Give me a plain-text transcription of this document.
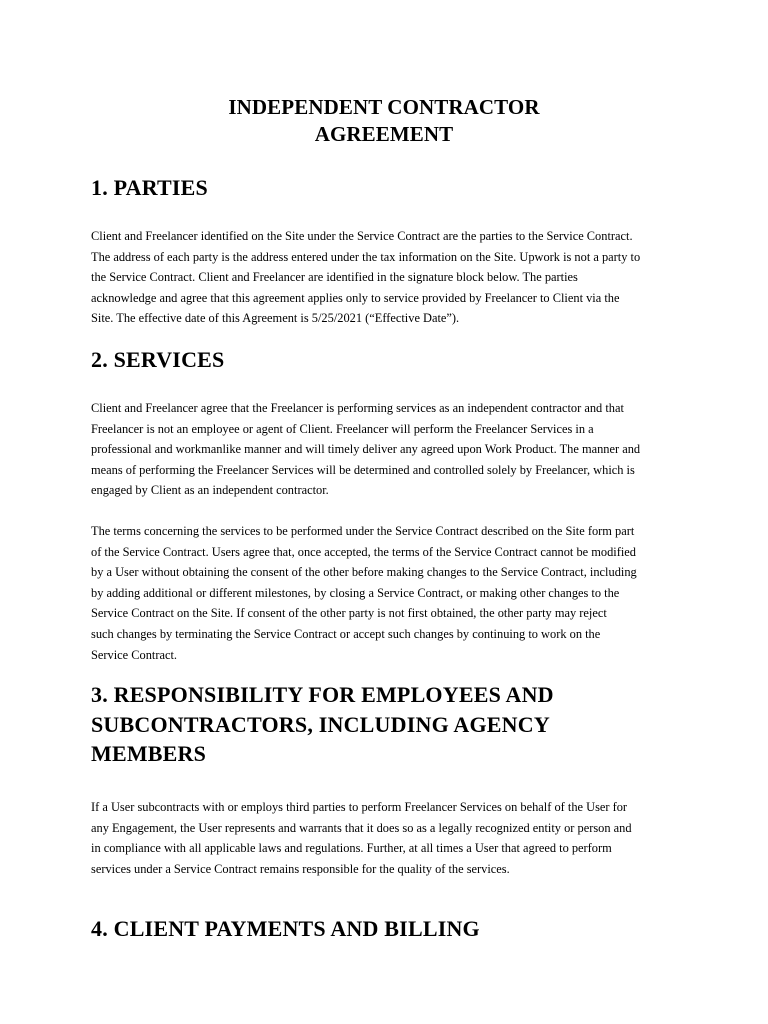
INDEPENDENT CONTRACTOR
AGREEMENT
1. PARTIES
Client and Freelancer identified on the Site under the Service Contract are the parties to the Service Contract.
The address of each party is the address entered under the tax information on the Site. Upwork is not a party to
the Service Contract. Client and Freelancer are identified in the signature block below. The parties
acknowledge and agree that this agreement applies only to service provided by Freelancer to Client via the
Site. The effective date of this Agreement is 5/25/2021 (“Effective Date”).
2. SERVICES
Client and Freelancer agree that the Freelancer is performing services as an independent contractor and that
Freelancer is not an employee or agent of Client. Freelancer will perform the Freelancer Services in a
professional and workmanlike manner and will timely deliver any agreed upon Work Product. The manner and
means of performing the Freelancer Services will be determined and controlled solely by Freelancer, which is
engaged by Client as an independent contractor.
The terms concerning the services to be performed under the Service Contract described on the Site form part
of the Service Contract. Users agree that, once accepted, the terms of the Service Contract cannot be modified
by a User without obtaining the consent of the other before making changes to the Service Contract, including
by adding additional or different milestones, by closing a Service Contract, or making other changes to the
Service Contract on the Site. If consent of the other party is not first obtained, the other party may reject
such changes by terminating the Service Contract or accept such changes by continuing to work on the
Service Contract.
3. RESPONSIBILITY FOR EMPLOYEES AND
SUBCONTRACTORS, INCLUDING AGENCY
MEMBERS
If a User subcontracts with or employs third parties to perform Freelancer Services on behalf of the User for
any Engagement, the User represents and warrants that it does so as a legally recognized entity or person and
in compliance with all applicable laws and regulations. Further, at all times a User that agreed to perform
services under a Service Contract remains responsible for the quality of the services.
4. CLIENT PAYMENTS AND BILLING
